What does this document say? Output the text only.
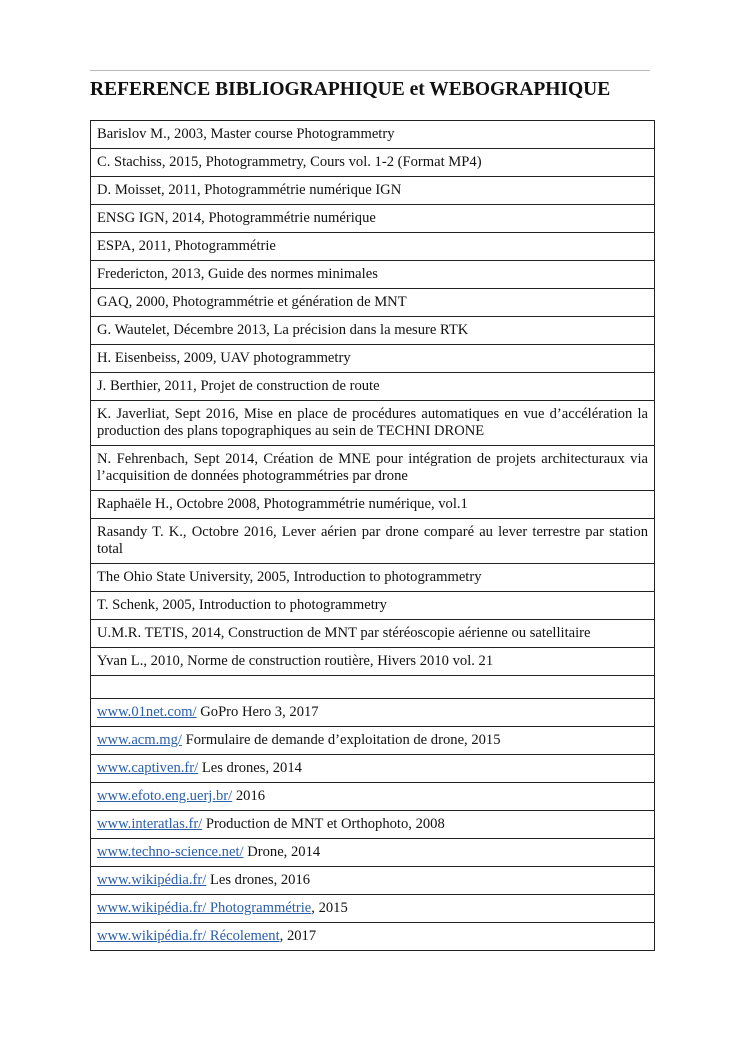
REFERENCE BIBLIOGRAPHIQUE et WEBOGRAPHIQUE
Barislov M., 2003, Master course Photogrammetry
C. Stachiss, 2015, Photogrammetry, Cours vol. 1-2 (Format MP4)
D. Moisset, 2011, Photogrammétrie numérique IGN
ENSG IGN, 2014, Photogrammétrie numérique
ESPA, 2011, Photogrammétrie
Fredericton, 2013, Guide des normes minimales
GAQ, 2000, Photogrammétrie et génération de MNT
G. Wautelet, Décembre 2013, La précision dans la mesure RTK
H. Eisenbeiss, 2009, UAV photogrammetry
J. Berthier, 2011, Projet de construction de route
K. Javerliat, Sept 2016, Mise en place de procédures automatiques en vue d’accélération la production des plans topographiques au sein de TECHNI DRONE
N. Fehrenbach, Sept 2014, Création de MNE pour intégration de projets architecturaux via l’acquisition de données photogrammétries par drone
Raphaële H., Octobre 2008, Photogrammétrie numérique, vol.1
Rasandy T. K., Octobre 2016, Lever aérien par drone comparé au lever terrestre par station total
The Ohio State University, 2005, Introduction to photogrammetry
T. Schenk, 2005, Introduction to photogrammetry
U.M.R. TETIS, 2014, Construction de MNT par stéréoscopie aérienne ou satellitaire
Yvan L., 2010, Norme de construction routière, Hivers 2010 vol. 21

www.01net.com/ GoPro Hero 3, 2017
www.acm.mg/ Formulaire de demande d’exploitation de drone, 2015
www.captiven.fr/ Les drones, 2014
www.efoto.eng.uerj.br/ 2016
www.interatlas.fr/ Production de MNT et Orthophoto, 2008
www.techno-science.net/ Drone, 2014
www.wikipédia.fr/ Les drones, 2016
www.wikipédia.fr/ Photogrammétrie, 2015
www.wikipédia.fr/ Récolement, 2017
